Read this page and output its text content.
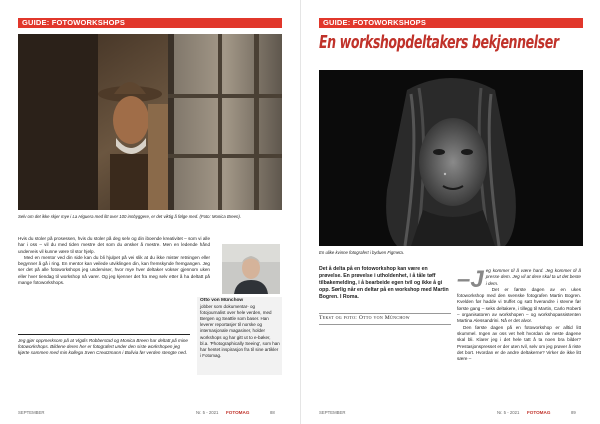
GUIDE: FOTOWORKSHOPS
Selv om det ikke skjer mye i La Higuera med litt over 100 innbyggere, er det viktig å følge med. (Foto: Monica Breen).

Hvis du stoler på prosessen, hvis du stoler på deg selv og din iboende kreativitet – som vi alle har i oss – vil du med tiden mestre det som du ønsker å mestre. Men en ledende hånd underveis vil kunne være til stor hjelp.

Med en mentor ved din side kan du bli hjulpet på vei slik at du ikke mister retningen eller begynner å gå i ring. En mentor kan veilede utviklingen din, kan fremskynde fremgangen. Jeg ser det på alle fotoworkshops jeg underviser, hvor mye hver deltaker vokser gjennom uken eller hver tiendag til workshop nå varer. Og jeg kjenner det fra meg selv etter å ha deltatt på mange fotoworkshops.

Jeg gjør oppmerksom på at Vigdis Robberstad og Monica Breen har deltatt på mine fotoworkshops. Bildene deres her er fotografert under den siste workshopen jeg kjørte sammen med min kollega Sven Creutzmann i Bolivia før verden stengte ned.
Otto von Münchow
jobber som dokumentar- og fotojournalist over hele verden, med Bergen og Seattle som baser. Han leverer reportasjer til norske og internasjonale magasiner, holder workshops og har gitt ut to e-bøker, bl.a. 'Photographically Seeing', som han har hentet inspirasjon fra til sine artikler i Fotomag.
SEPTEMBER	Nr. 5 - 2021 FOTOMAG	88
GUIDE: FOTOWORKSHOPS
En workshopdeltakers bekjennelser
En ulike kvinne fotografert i byduen Figmeta.
Det å delta på en fotoworkshop kan være en prøvelse. En prøvelse i utholdenhet, i å tåle tøff tilbakemelding, i å bearbeide egen tvil og ikke å gi opp. Sørlig når en deltar på en workshop med Martin Bogren. I Roma.
Tekst og foto: Otto von Münchow
–J eg kommer til å være hard. Jeg kommer til å presse dem. Jeg vil at dere skal ta ut det beste i dem.

Det er første dagen av en ukes fotoworkshop med den svenske fotografen Martin Bogren. Kvelden før hadde vi truffet og satt hverandre i stevne før første gang – seks deltakere, i tillegg til Martin, Carlo Roberti – organisatoren av workshopen – og workshopassistenten Martina Alessandrini. Nå er det alvor.

Den første dagen på en fotoworkshop er alltid litt skummel. Ingen av oss vet helt hvordan de neste dagene skal bli. Klarer jeg i det hele tatt å ta noen bra bilder? Prestasjonspresset er der uten tvil, selv om jeg prøver å riste det bort. Hvordan er de andre deltakerne? Virker de ikke litt sære –

SEPTEMBER	Nr. 5 - 2021 FOTOMAG	89
